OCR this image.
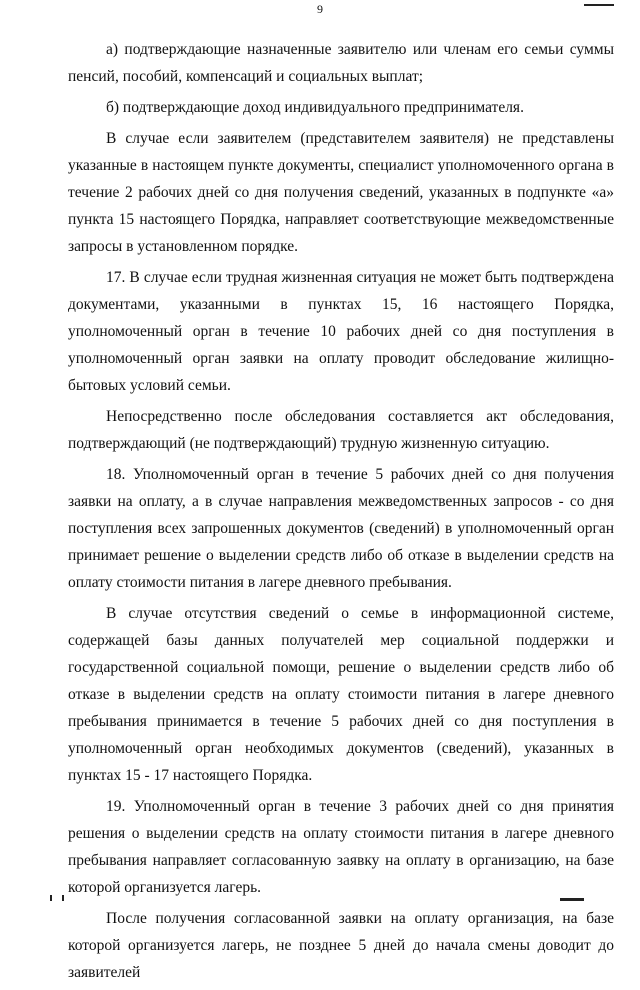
9

а) подтверждающие назначенные заявителю или членам его семьи суммы пенсий, пособий, компенсаций и социальных выплат;

б) подтверждающие доход индивидуального предпринимателя.

В случае если заявителем (представителем заявителя) не представлены указанные в настоящем пункте документы, специалист уполномоченного органа в течение 2 рабочих дней со дня получения сведений, указанных в подпункте «а» пункта 15 настоящего Порядка, направляет соответствующие межведомственные запросы в установленном порядке.

17. В случае если трудная жизненная ситуация не может быть подтверждена документами, указанными в пунктах 15, 16 настоящего Порядка, уполномоченный орган в течение 10 рабочих дней со дня поступления в уполномоченный орган заявки на оплату проводит обследование жилищно-бытовых условий семьи.

Непосредственно после обследования составляется акт обследования, подтверждающий (не подтверждающий) трудную жизненную ситуацию.

18. Уполномоченный орган в течение 5 рабочих дней со дня получения заявки на оплату, а в случае направления межведомственных запросов - со дня поступления всех запрошенных документов (сведений) в уполномоченный орган принимает решение о выделении средств либо об отказе в выделении средств на оплату стоимости питания в лагере дневного пребывания.

В случае отсутствия сведений о семье в информационной системе, содержащей базы данных получателей мер социальной поддержки и государственной социальной помощи, решение о выделении средств либо об отказе в выделении средств на оплату стоимости питания в лагере дневного пребывания принимается в течение 5 рабочих дней со дня поступления в уполномоченный орган необходимых документов (сведений), указанных в пунктах 15 - 17 настоящего Порядка.

19. Уполномоченный орган в течение 3 рабочих дней со дня принятия решения о выделении средств на оплату стоимости питания в лагере дневного пребывания направляет согласованную заявку на оплату в организацию, на базе которой организуется лагерь.

После получения согласованной заявки на оплату организация, на базе которой организуется лагерь, не позднее 5 дней до начала смены доводит до заявителей
